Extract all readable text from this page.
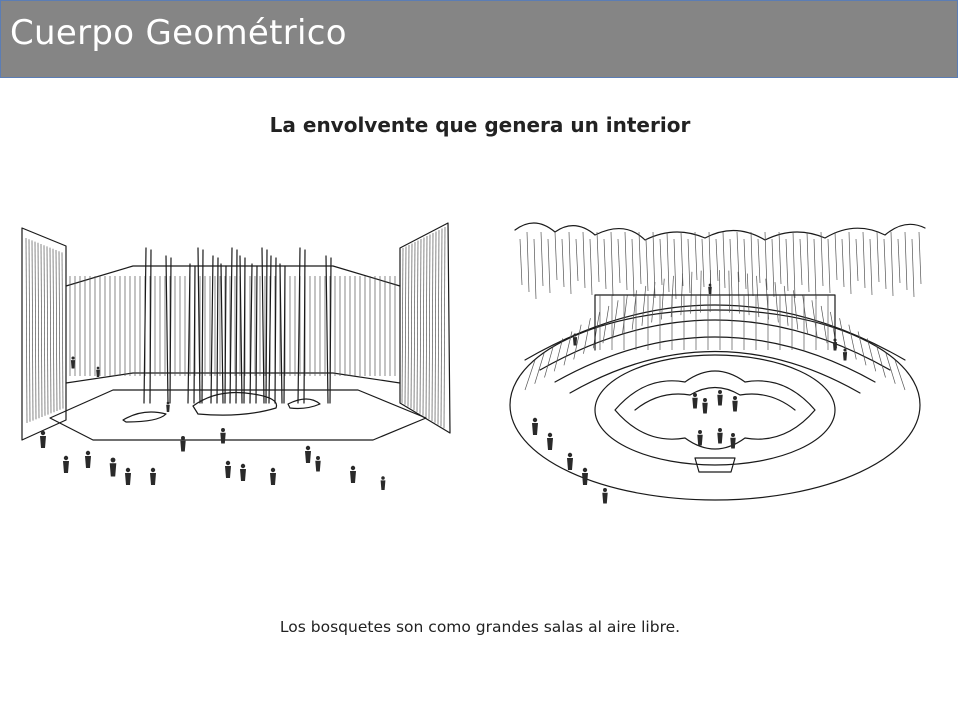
Cuerpo Geométrico
La envolvente que genera un interior
Los bosquetes son como grandes salas al aire libre.
